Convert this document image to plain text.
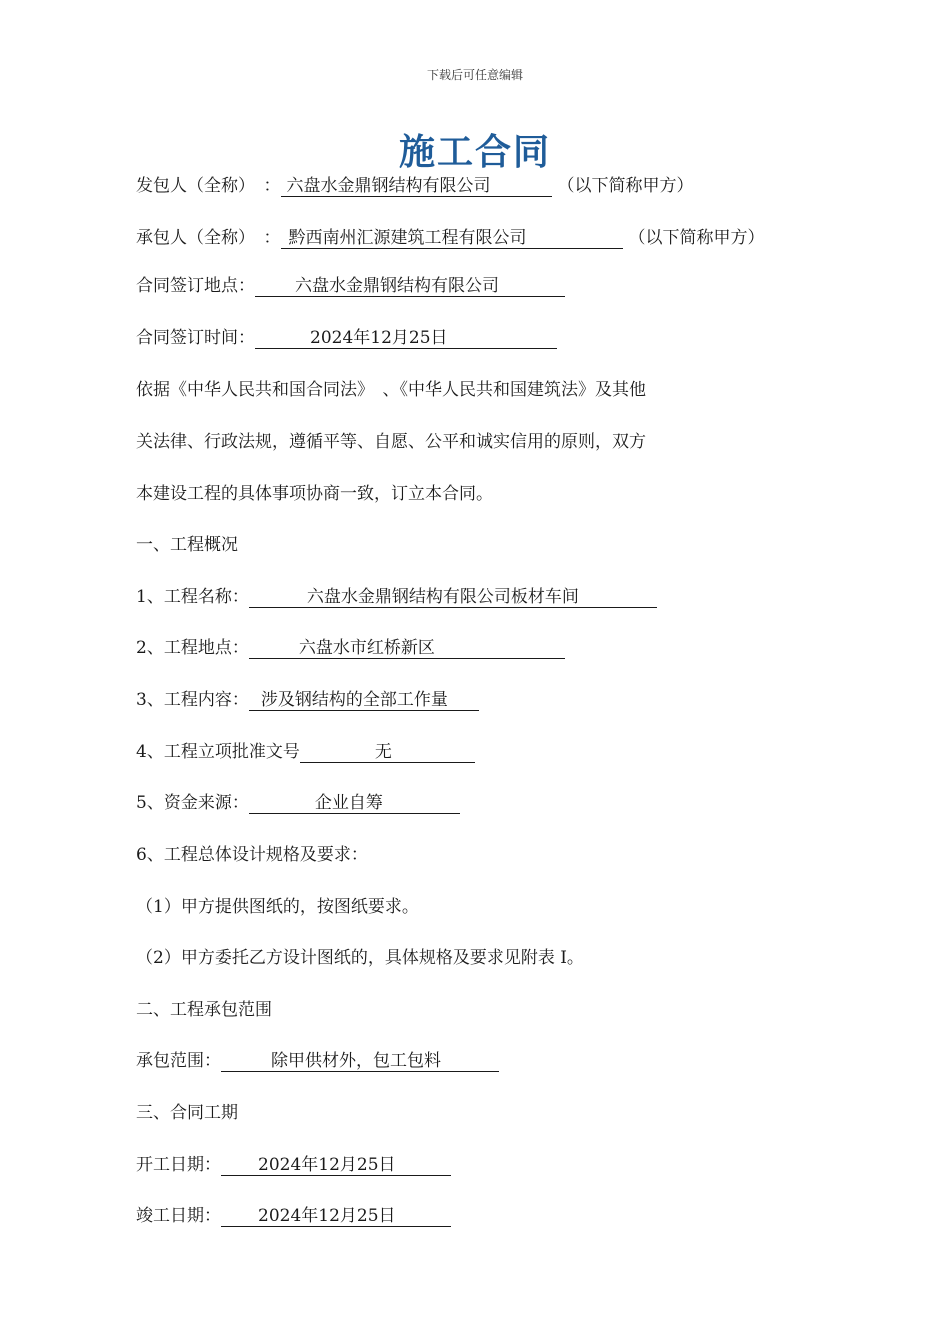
下载后可任意编辑
施工合同
发包人（全称）　： 六盘水金鼎钢结构有限公司	（以下简称甲方）
承包人（全称）　： 黔西南州汇源建筑工程有限公司	（以下简称甲方）
合同签订地点： 六盘水金鼎钢结构有限公司
合同签订时间：	2024年12月25日
依据《中华人民共和国合同法》　、《中华人民共和国建筑法》及其他
关法律、行政法规，遵循平等、自愿、公平和诚实信用的原则，双方
本建设工程的具体事项协商一致，订立本合同。
一、工程概况
1、工程名称：	六盘水金鼎钢结构有限公司板材车间
2、工程地点：	六盘水市红桥新区
3、工程内容： 涉及钢结构的全部工作量
4、工程立项批准文号	无
5、资金来源：	企业自筹
6、工程总体设计规格及要求：
（1）甲方提供图纸的，按图纸要求。
（2）甲方委托乙方设计图纸的，具体规格及要求见附表 I。
二、工程承包范围
承包范围：	除甲供材外，包工包料
三、合同工期
开工日期： 2024年12月25日
竣工日期： 2024年12月25日
